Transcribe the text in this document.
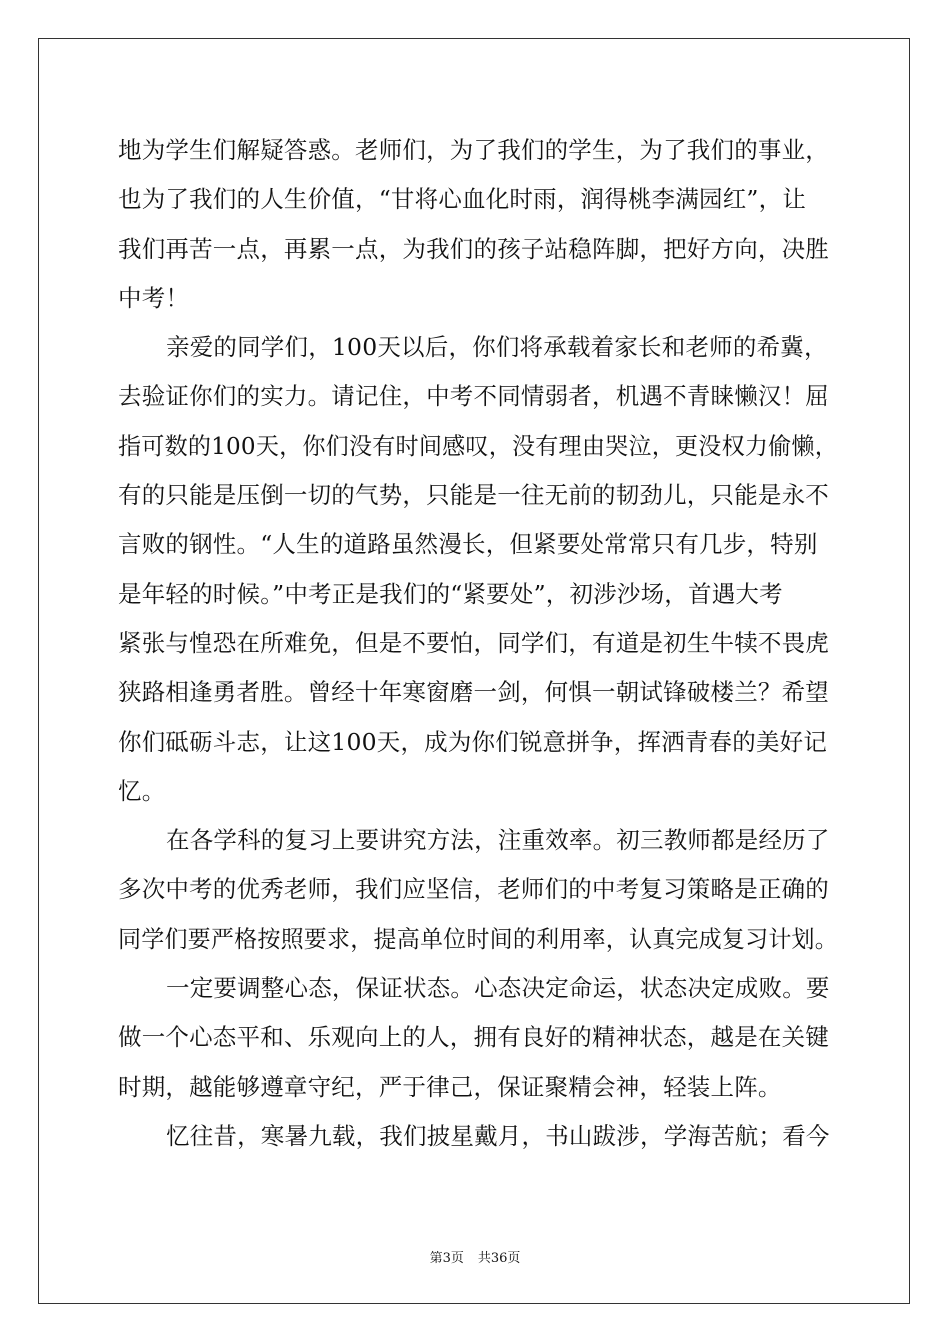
地为学生们解疑答惑。老师们，为了我们的学生，为了我们的事业，
也为了我们的人生价值，“甘将心血化时雨，润得桃李满园红”，让
我们再苦一点，再累一点，为我们的孩子站稳阵脚，把好方向，决胜
中考！
亲爱的同学们，100天以后，你们将承载着家长和老师的希冀，
去验证你们的实力。请记住，中考不同情弱者，机遇不青睐懒汉！屈
指可数的100天，你们没有时间感叹，没有理由哭泣，更没权力偷懒，
有的只能是压倒一切的气势，只能是一往无前的韧劲儿，只能是永不
言败的钢性。“人生的道路虽然漫长，但紧要处常常只有几步，特别
是年轻的时候。”中考正是我们的“紧要处”，初涉沙场，首遇大考
紧张与惶恐在所难免，但是不要怕，同学们，有道是初生牛犊不畏虎
狭路相逢勇者胜。曾经十年寒窗磨一剑，何惧一朝试锋破楼兰？希望
你们砥砺斗志，让这100天，成为你们锐意拼争，挥洒青春的美好记
忆。
在各学科的复习上要讲究方法，注重效率。初三教师都是经历了
多次中考的优秀老师，我们应坚信，老师们的中考复习策略是正确的
同学们要严格按照要求，提高单位时间的利用率，认真完成复习计划。
一定要调整心态，保证状态。心态决定命运，状态决定成败。要
做一个心态平和、乐观向上的人，拥有良好的精神状态，越是在关键
时期，越能够遵章守纪，严于律己，保证聚精会神，轻装上阵。
忆往昔，寒暑九载，我们披星戴月，书山跋涉，学海苦航；看今
第3页 共36页
